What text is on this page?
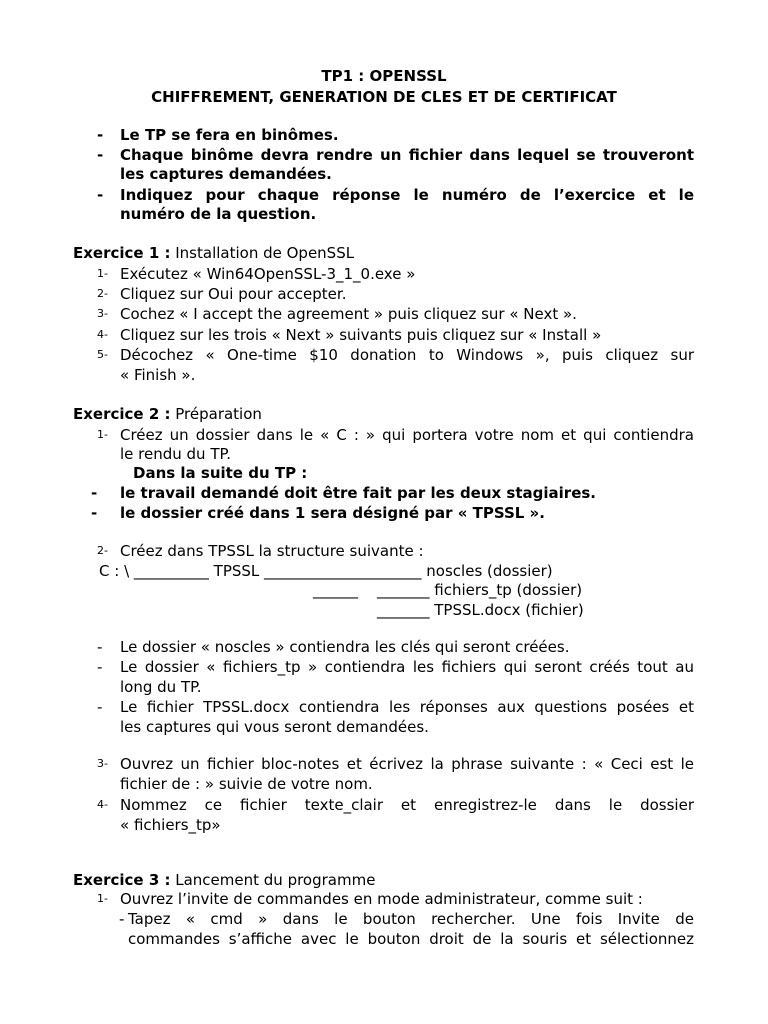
TP1 : OPENSSL
CHIFFREMENT, GENERATION DE CLES ET DE CERTIFICAT
- Le TP se fera en binômes.
- Chaque binôme devra rendre un fichier dans lequel se trouveront
les captures demandées.
- Indiquez pour chaque réponse le numéro de l’exercice et le
numéro de la question.
Exercice 1 : Installation de OpenSSL
1- Exécutez « Win64OpenSSL-3_1_0.exe »
2- Cliquez sur Oui pour accepter.
3- Cochez « I accept the agreement » puis cliquez sur « Next ».
4- Cliquez sur les trois « Next » suivants puis cliquez sur « Install »
5- Décochez « One-time $10 donation to Windows », puis cliquez sur
« Finish ».
Exercice 2 : Préparation
1- Créez un dossier dans le « C : » qui portera votre nom et qui contiendra
le rendu du TP.
Dans la suite du TP :
- le travail demandé doit être fait par les deux stagiaires.
- le dossier créé dans 1 sera désigné par « TPSSL ».
2- Créez dans TPSSL la structure suivante :
C : \ __________ TPSSL _____________________ noscles (dossier)
______ _______ fichiers_tp (dossier)
_______ TPSSL.docx (fichier)
- Le dossier « noscles » contiendra les clés qui seront créées.
- Le dossier « fichiers_tp » contiendra les fichiers qui seront créés tout au
long du TP.
- Le fichier TPSSL.docx contiendra les réponses aux questions posées et
les captures qui vous seront demandées.
3- Ouvrez un fichier bloc-notes et écrivez la phrase suivante : « Ceci est le
fichier de : » suivie de votre nom.
4- Nommez ce fichier texte_clair et enregistrez-le dans le dossier
« fichiers_tp»
Exercice 3 : Lancement du programme
1- Ouvrez l’invite de commandes en mode administrateur, comme suit :
- Tapez « cmd » dans le bouton rechercher. Une fois Invite de
commandes s’affiche avec le bouton droit de la souris et sélectionnez
